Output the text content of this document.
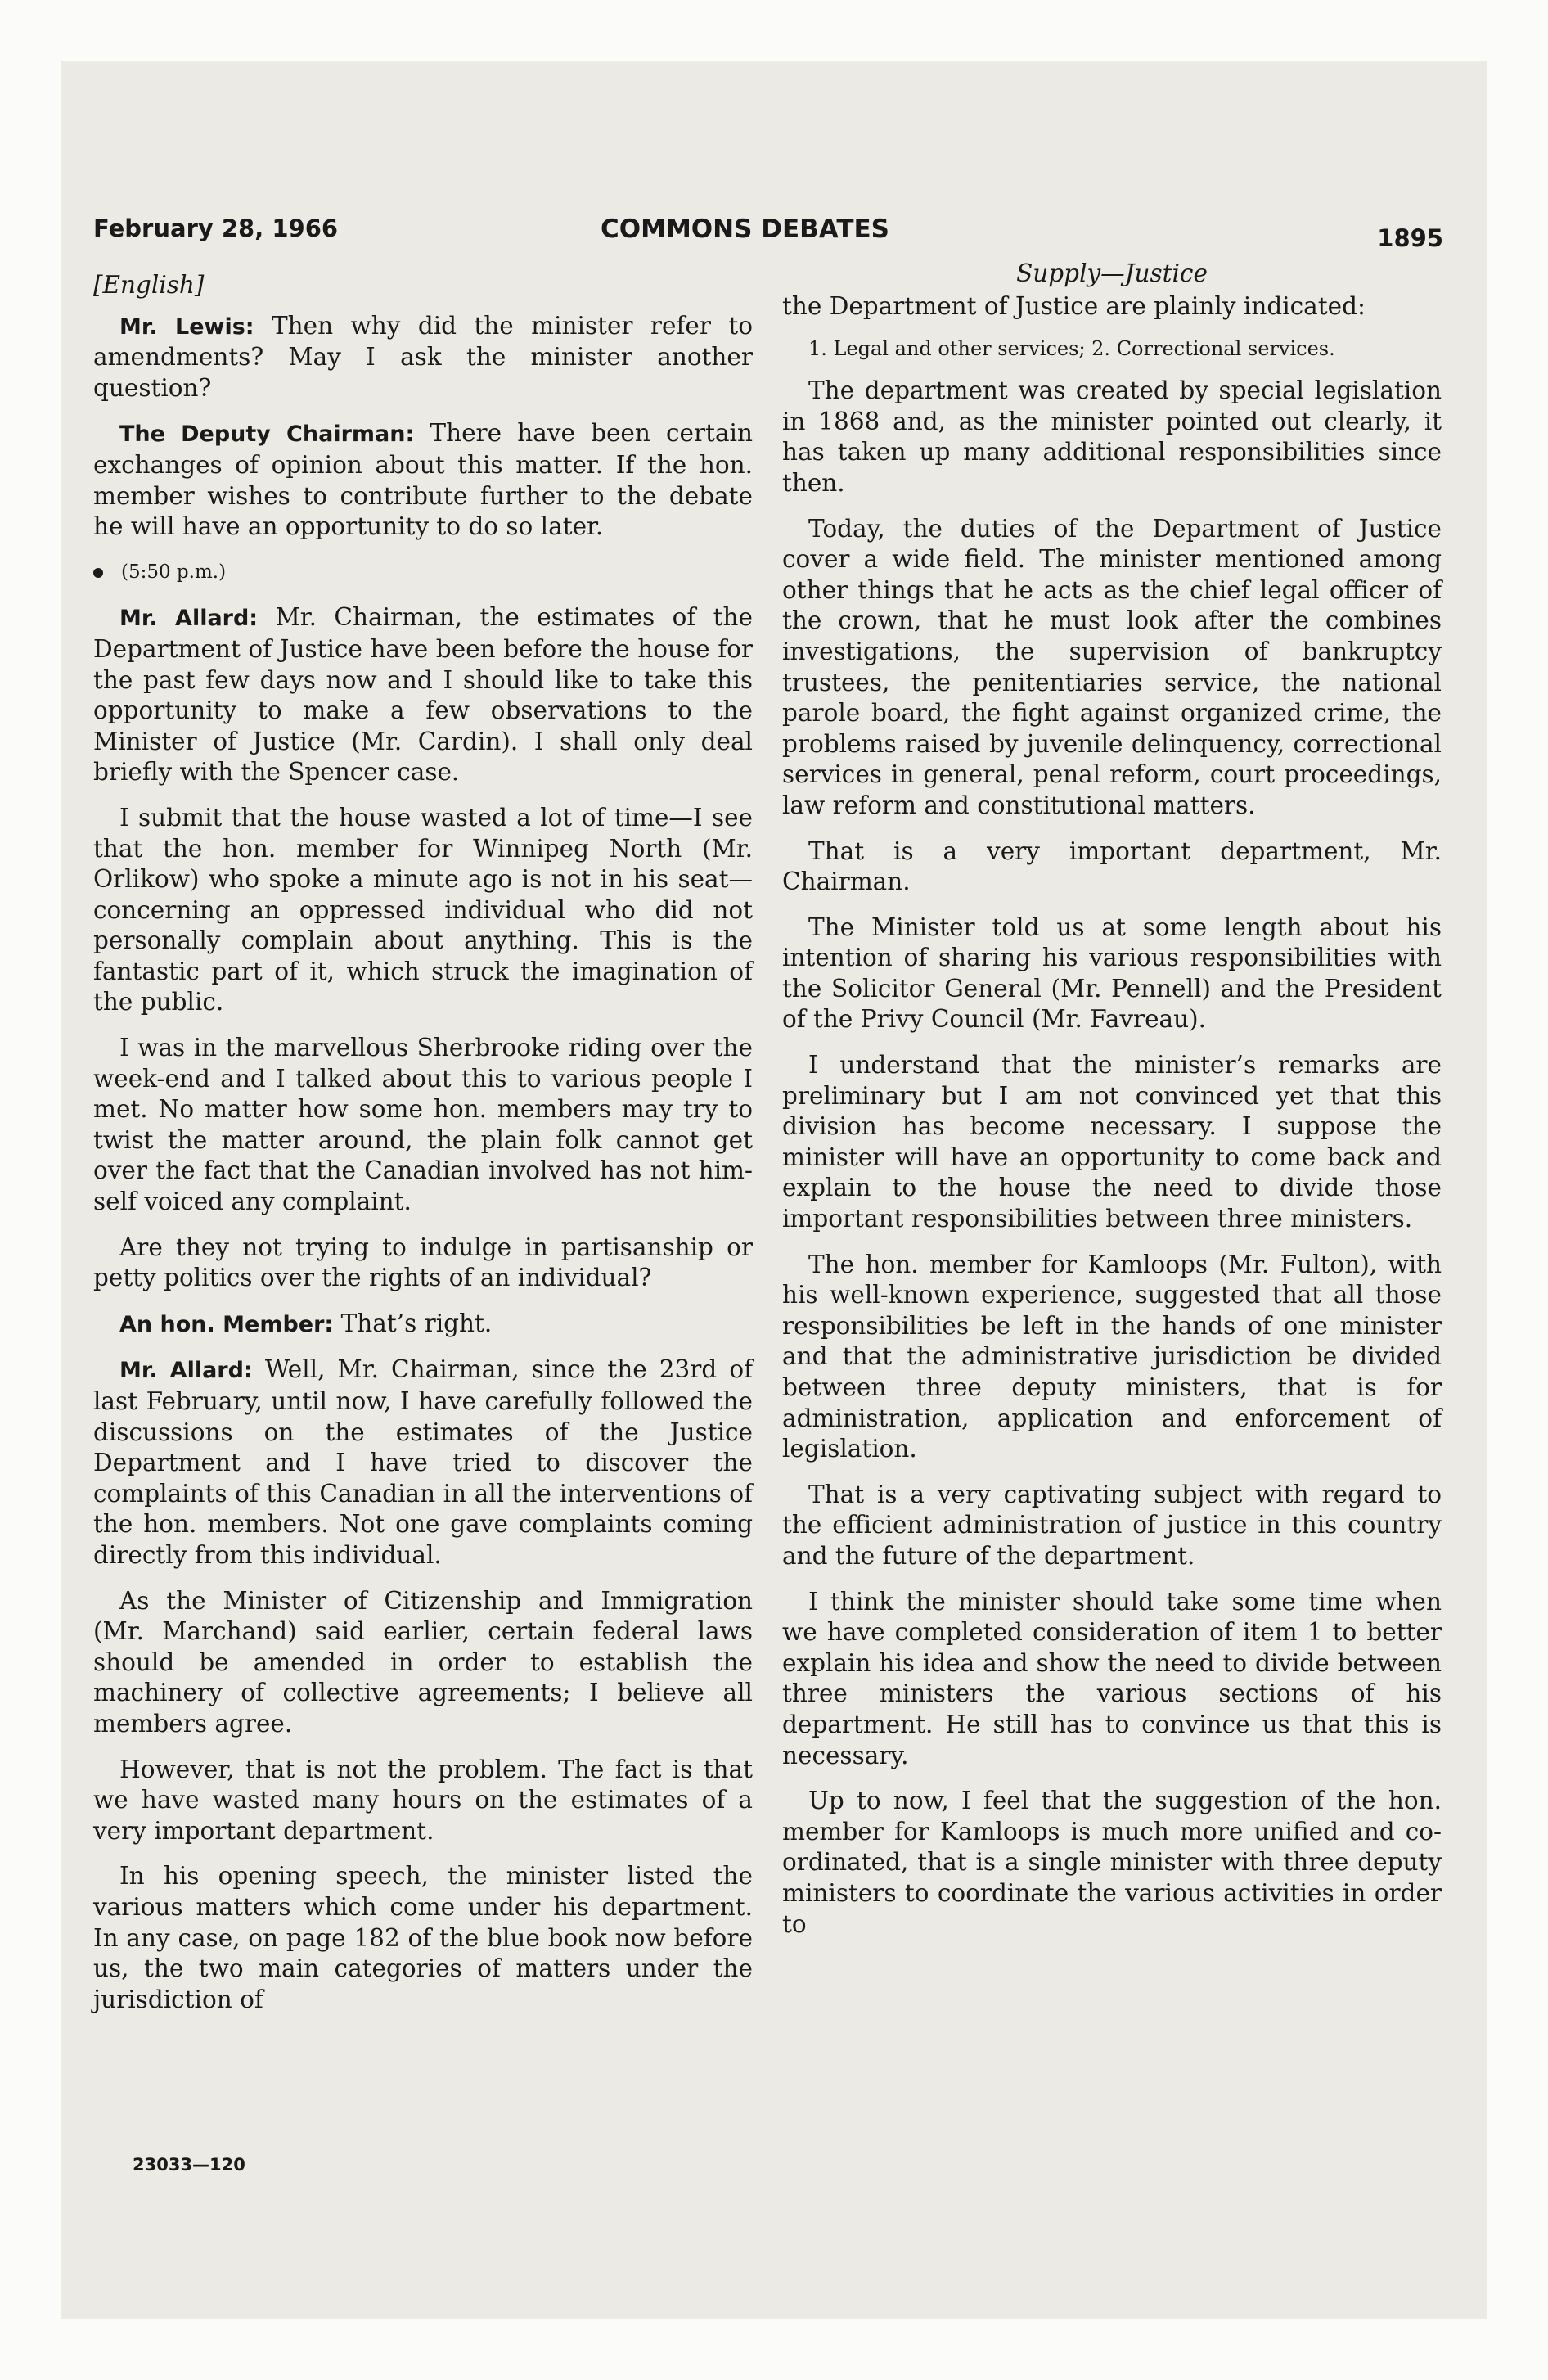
February 28, 1966	COMMONS DEBATES	1895
[English]

Mr. Lewis: Then why did the minister refer to amendments? May I ask the minister another question?

The Deputy Chairman: There have been certain exchanges of opinion about this matter. If the hon. member wishes to contribute further to the debate he will have an opportunity to do so later.

(5:50 p.m.)

Mr. Allard: Mr. Chairman, the estimates of the Department of Justice have been before the house for the past few days now and I should like to take this opportunity to make a few observations to the Minister of Justice (Mr. Cardin). I shall only deal briefly with the Spencer case.

I submit that the house wasted a lot of time—I see that the hon. member for Winnipeg North (Mr. Orlikow) who spoke a minute ago is not in his seat—concerning an oppressed individual who did not personally complain about anything. This is the fantastic part of it, which struck the imagination of the public.

I was in the marvellous Sherbrooke riding over the week-end and I talked about this to various people I met. No matter how some hon. members may try to twist the matter around, the plain folk cannot get over the fact that the Canadian involved has not himself voiced any complaint.

Are they not trying to indulge in partisanship or petty politics over the rights of an individual?

An hon. Member: That’s right.

Mr. Allard: Well, Mr. Chairman, since the 23rd of last February, until now, I have carefully followed the discussions on the estimates of the Justice Department and I have tried to discover the complaints of this Canadian in all the interventions of the hon. members. Not one gave complaints coming directly from this individual.

As the Minister of Citizenship and Immigration (Mr. Marchand) said earlier, certain federal laws should be amended in order to establish the machinery of collective agreements; I believe all members agree.

However, that is not the problem. The fact is that we have wasted many hours on the estimates of a very important department.

In his opening speech, the minister listed the various matters which come under his department. In any case, on page 182 of the blue book now before us, the two main categories of matters under the jurisdiction of

23033—120
Supply—Justice

the Department of Justice are plainly indicated:

1. Legal and other services; 2. Correctional services.

The department was created by special legislation in 1868 and, as the minister pointed out clearly, it has taken up many additional responsibilities since then.

Today, the duties of the Department of Justice cover a wide field. The minister mentioned among other things that he acts as the chief legal officer of the crown, that he must look after the combines investigations, the supervision of bankruptcy trustees, the penitentiaries service, the national parole board, the fight against organized crime, the problems raised by juvenile delinquency, correctional services in general, penal reform, court proceedings, law reform and constitutional matters.

That is a very important department, Mr. Chairman.

The Minister told us at some length about his intention of sharing his various responsibilities with the Solicitor General (Mr. Pennell) and the President of the Privy Council (Mr. Favreau).

I understand that the minister’s remarks are preliminary but I am not convinced yet that this division has become necessary. I suppose the minister will have an opportunity to come back and explain to the house the need to divide those important responsibilities between three ministers.

The hon. member for Kamloops (Mr. Fulton), with his well-known experience, suggested that all those responsibilities be left in the hands of one minister and that the administrative jurisdiction be divided between three deputy ministers, that is for administration, application and enforcement of legislation.

That is a very captivating subject with regard to the efficient administration of justice in this country and the future of the department.

I think the minister should take some time when we have completed consideration of item 1 to better explain his idea and show the need to divide between three ministers the various sections of his department. He still has to convince us that this is necessary.

Up to now, I feel that the suggestion of the hon. member for Kamloops is much more unified and co-ordinated, that is a single minister with three deputy ministers to coordinate the various activities in order to
